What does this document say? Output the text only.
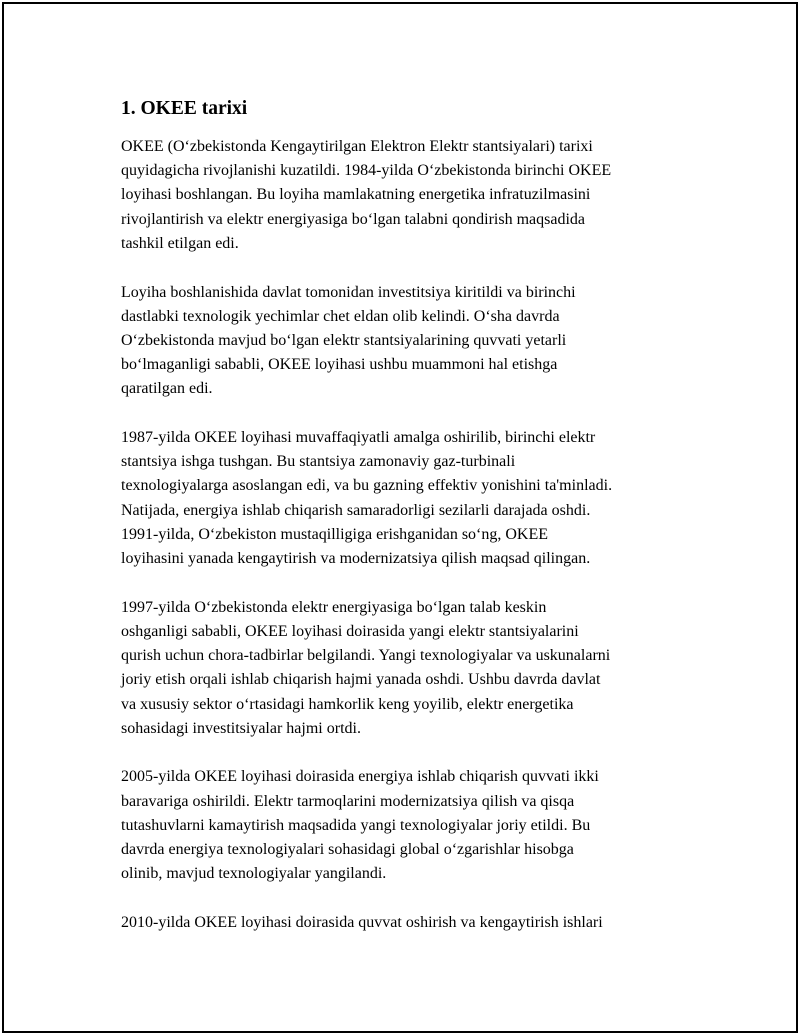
1. OKEE tarixi

OKEE (O‘zbekistonda Kengaytirilgan Elektron Elektr stantsiyalari) tarixi
quyidagicha rivojlanishi kuzatildi. 1984-yilda O‘zbekistonda birinchi OKEE
loyihasi boshlangan. Bu loyiha mamlakatning energetika infratuzilmasini
rivojlantirish va elektr energiyasiga bo‘lgan talabni qondirish maqsadida
tashkil etilgan edi.

Loyiha boshlanishida davlat tomonidan investitsiya kiritildi va birinchi
dastlabki texnologik yechimlar chet eldan olib kelindi. O‘sha davrda
O‘zbekistonda mavjud bo‘lgan elektr stantsiyalarining quvvati yetarli
bo‘lmaganligi sababli, OKEE loyihasi ushbu muammoni hal etishga
qaratilgan edi.

1987-yilda OKEE loyihasi muvaffaqiyatli amalga oshirilib, birinchi elektr
stantsiya ishga tushgan. Bu stantsiya zamonaviy gaz-turbinali
texnologiyalarga asoslangan edi, va bu gazning effektiv yonishini ta'minladi.
Natijada, energiya ishlab chiqarish samaradorligi sezilarli darajada oshdi.
1991-yilda, O‘zbekiston mustaqilligiga erishganidan so‘ng, OKEE
loyihasini yanada kengaytirish va modernizatsiya qilish maqsad qilingan.

1997-yilda O‘zbekistonda elektr energiyasiga bo‘lgan talab keskin
oshganligi sababli, OKEE loyihasi doirasida yangi elektr stantsiyalarini
qurish uchun chora-tadbirlar belgilandi. Yangi texnologiyalar va uskunalarni
joriy etish orqali ishlab chiqarish hajmi yanada oshdi. Ushbu davrda davlat
va xususiy sektor o‘rtasidagi hamkorlik keng yoyilib, elektr energetika
sohasidagi investitsiyalar hajmi ortdi.

2005-yilda OKEE loyihasi doirasida energiya ishlab chiqarish quvvati ikki
baravariga oshirildi. Elektr tarmoqlarini modernizatsiya qilish va qisqa
tutashuvlarni kamaytirish maqsadida yangi texnologiyalar joriy etildi. Bu
davrda energiya texnologiyalari sohasidagi global o‘zgarishlar hisobga
olinib, mavjud texnologiyalar yangilandi.

2010-yilda OKEE loyihasi doirasida quvvat oshirish va kengaytirish ishlari
